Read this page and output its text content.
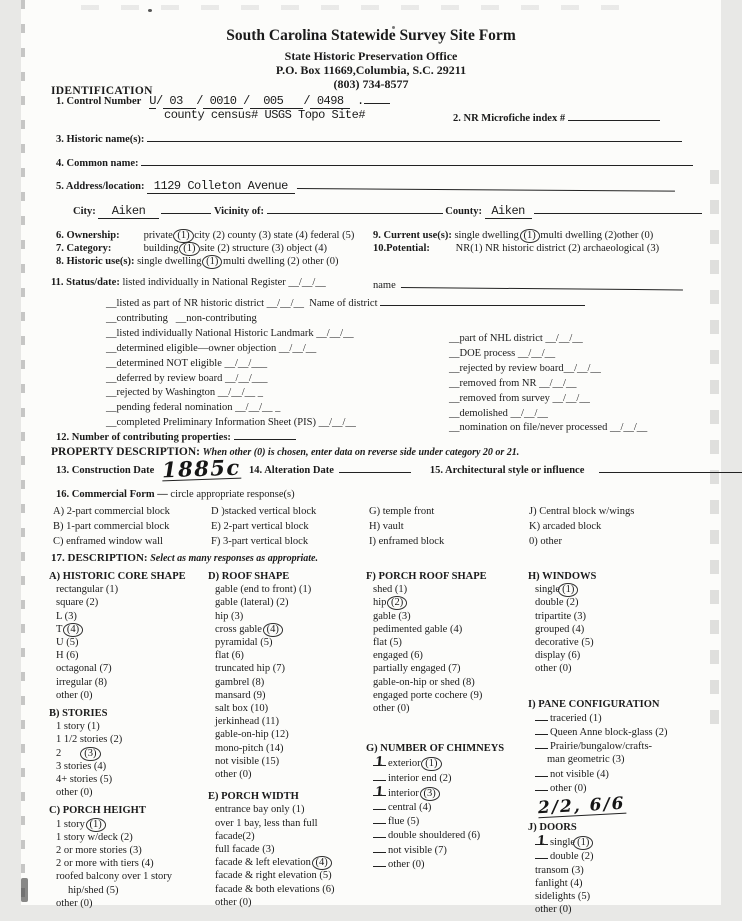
South Carolina Statewide Survey Site Form
State Historic Preservation Office
P.O. Box 11669,Columbia, S.C. 29211
(803) 734-8577
IDENTIFICATION
1. Control Number U/ 03  / 0010 /  005   / 0498  .
county census# USGS Topo Site#	2. NR Microfiche index #
3. Historic name(s):
4. Common name:
5. Address/location:  1129 Colleton Avenue
City:   Aiken	Vicinity of:	County:  Aiken
6. Ownership: private (1) city (2) county (3) state (4) federal (5)
7. Category:	building (1) site (2) structure (3) object (4)
8. Historic use(s): single dwelling (1) multi dwelling (2) other (0)
9. Current use(s): single dwelling (1) multi dwelling (2)other (0)
10.Potential: NR(1) NR historic district (2) archaeological (3)
11. Status/date: listed individually in National Register __/__/__	name
__listed as part of NR historic district __/__/__  Name of district
__contributing   __non-contributing
__listed individually National Historic Landmark __/__/__
__determined eligible—owner objection __/__/__
__determined NOT eligible __/__/___
__deferred by review board __/__/___
__rejected by Washington __/__/__ _
__pending federal nomination __/__/__ _
__completed Preliminary Information Sheet (PIS) __/__/__
__part of NHL district __/__/__
__DOE process __/__/__
__rejected by review board__/__/__
__removed from NR __/__/__
__removed from survey __/__/__
__demolished __/__/__
__nomination on file/never processed __/__/__
12. Number of contributing properties:
PROPERTY DESCRIPTION: When other (0) is chosen, enter data on reverse side under category 20 or 21.
13. Construction Date 1885c 14. Alteration Date	15. Architectural style or influence
16. Commercial Form — circle appropriate response(s)
A) 2-part commercial block
B) 1-part commercial block
C) enframed window wall
D )stacked vertical block
E) 2-part vertical block
F) 3-part vertical block
G) temple front
H) vault
I) enframed block
J) Central block w/wings
K) arcaded block
0) other
17. DESCRIPTION: Select as many responses as appropriate.
A) HISTORIC CORE SHAPE
rectangular (1)
square (2)
L (3)
T (4)
U (5)
H (6)
octagonal (7)
irregular (8)
other (0)
B) STORIES
1 story (1)
1 1/2 stories (2)
2        (3)
3 stories (4)
4+ stories (5)
other (0)
C) PORCH HEIGHT
1 story (1)
1 story w/deck (2)
2 or more stories (3)
2 or more with tiers (4)
roofed balcony over 1 story
hip/shed (5)
other (0)
D) ROOF SHAPE
gable (end to front) (1)
gable (lateral) (2)
hip (3)
cross gable (4)
pyramidal (5)
flat (6)
truncated hip (7)
gambrel (8)
mansard (9)
salt box (10)
jerkinhead (11)
gable-on-hip (12)
mono-pitch (14)
not visible (15)
other (0)
E) PORCH WIDTH
entrance bay only (1)
over 1 bay, less than full
facade(2)
full facade (3)
facade & left elevation (4)
facade & right elevation (5)
facade & both elevations (6)
other (0)
F) PORCH ROOF SHAPE
shed (1)
hip (2)
gable (3)
pedimented gable (4)
flat (5)
engaged (6)
partially engaged (7)
gable-on-hip or shed (8)
engaged porte cochere (9)
other (0)
G) NUMBER OF CHIMNEYS
1 exterior (1)
interior end (2)
1 interior (3)
central (4)
flue (5)
double shouldered (6)
not visible (7)
other (0)
H) WINDOWS
single (1)
double (2)
tripartite (3)
grouped (4)
decorative (5)
display (6)
other (0)
I) PANE CONFIGURATION
traceried (1)
Queen Anne block-glass (2)
Prairie/bungalow/crafts-
man geometric (3)
not visible (4)
other (0)
2/2, 6/6
J) DOORS
1 single (1)
double (2)
transom (3)
fanlight (4)
sidelights (5)
other (0)
